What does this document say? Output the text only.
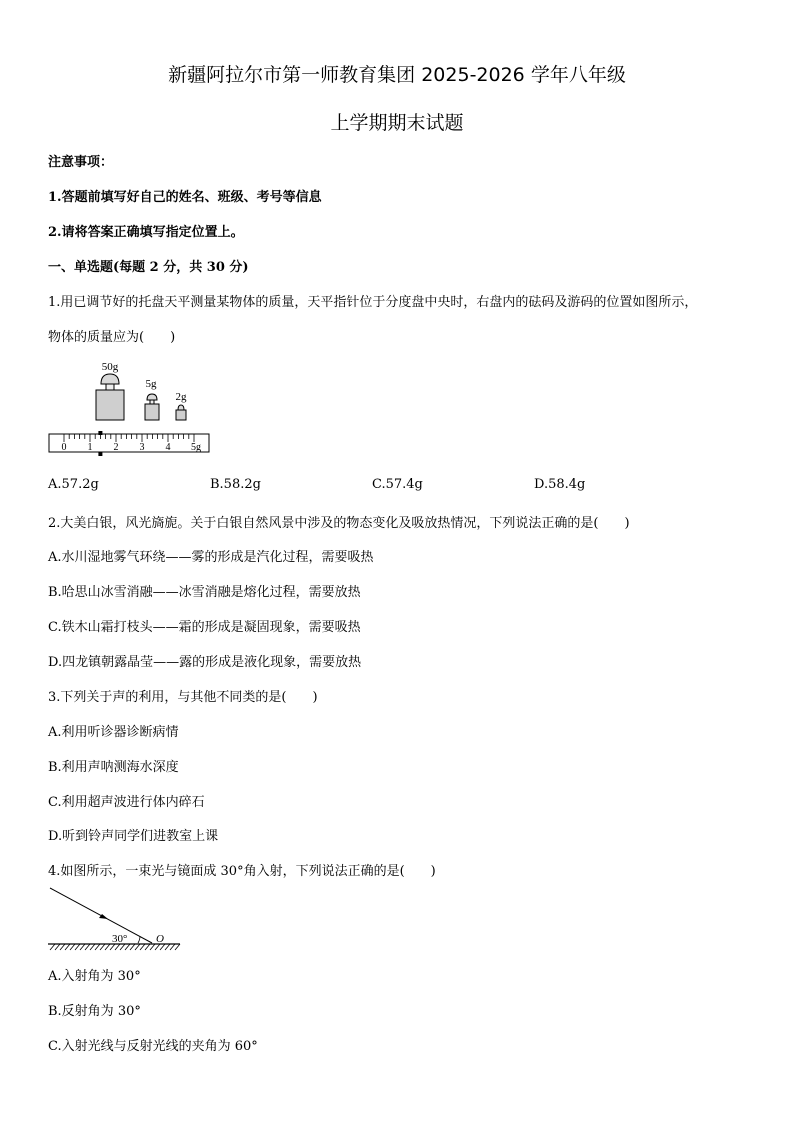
新疆阿拉尔市第一师教育集团 2025-2026 学年八年级
上学期期末试题
注意事项：
1.答题前填写好自己的姓名、班级、考号等信息
2.请将答案正确填写指定位置上。
一、单选题(每题 2 分，共 30 分)
1.用已调节好的托盘天平测量某物体的质量，天平指针位于分度盘中央时，右盘内的砝码及游码的位置如图所示，
物体的质量应为(　　)
50g
5g
2g
0 1 2 3 4 5g
A.57.2g	B.58.2g	C.57.4g	D.58.4g
2.大美白银，风光旖旎。关于白银自然风景中涉及的物态变化及吸放热情况，下列说法正确的是(　　)
A.水川湿地雾气环绕——雾的形成是汽化过程，需要吸热
B.哈思山冰雪消融——冰雪消融是熔化过程，需要放热
C.铁木山霜打枝头——霜的形成是凝固现象，需要吸热
D.四龙镇朝露晶莹——露的形成是液化现象，需要放热
3.下列关于声的利用，与其他不同类的是(　　)
A.利用听诊器诊断病情
B.利用声呐测海水深度
C.利用超声波进行体内碎石
D.听到铃声同学们进教室上课
4.如图所示，一束光与镜面成 30°角入射，下列说法正确的是(　　)
30°	O
A.入射角为 30°
B.反射角为 30°
C.入射光线与反射光线的夹角为 60°
